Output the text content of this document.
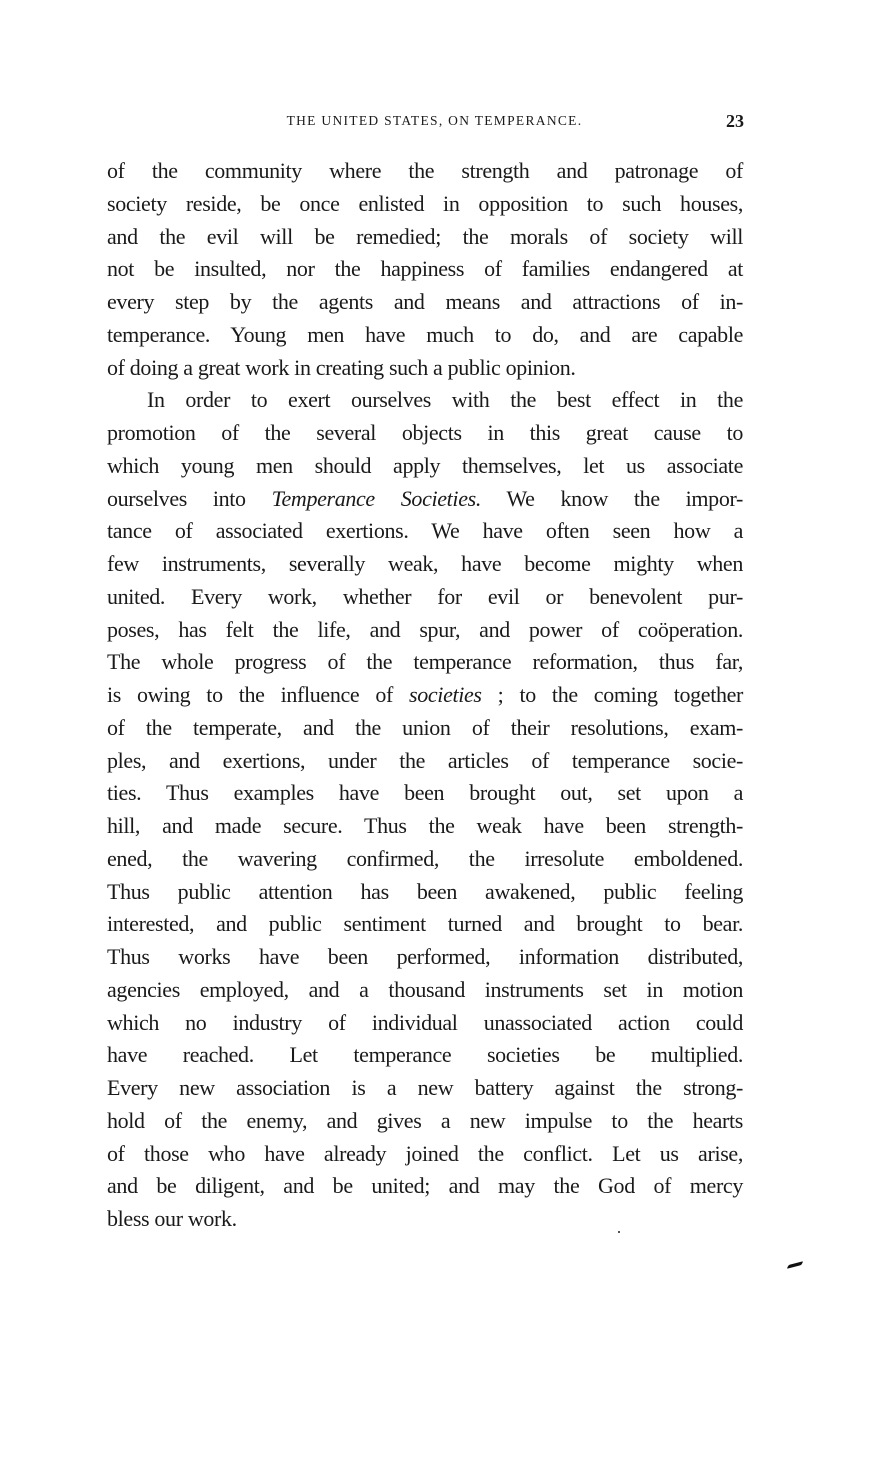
THE UNITED STATES, ON TEMPERANCE.	23
of the community where the strength and patronage of
society reside, be once enlisted in opposition to such houses,
and the evil will be remedied; the morals of society will
not be insulted, nor the happiness of families endangered at
every step by the agents and means and attractions of in-
temperance. Young men have much to do, and are capable
of doing a great work in creating such a public opinion.
In order to exert ourselves with the best effect in the
promotion of the several objects in this great cause to
which young men should apply themselves, let us associate
ourselves into Temperance Societies. We know the impor-
tance of associated exertions. We have often seen how a
few instruments, severally weak, have become mighty when
united. Every work, whether for evil or benevolent pur-
poses, has felt the life, and spur, and power of coöperation.
The whole progress of the temperance reformation, thus far,
is owing to the influence of societies ; to the coming together
of the temperate, and the union of their resolutions, exam-
ples, and exertions, under the articles of temperance socie-
ties. Thus examples have been brought out, set upon a
hill, and made secure. Thus the weak have been strength-
ened, the wavering confirmed, the irresolute emboldened.
Thus public attention has been awakened, public feeling
interested, and public sentiment turned and brought to bear.
Thus works have been performed, information distributed,
agencies employed, and a thousand instruments set in motion
which no industry of individual unassociated action could
have reached. Let temperance societies be multiplied.
Every new association is a new battery against the strong-
hold of the enemy, and gives a new impulse to the hearts
of those who have already joined the conflict. Let us arise,
and be diligent, and be united; and may the God of mercy
bless our work.
